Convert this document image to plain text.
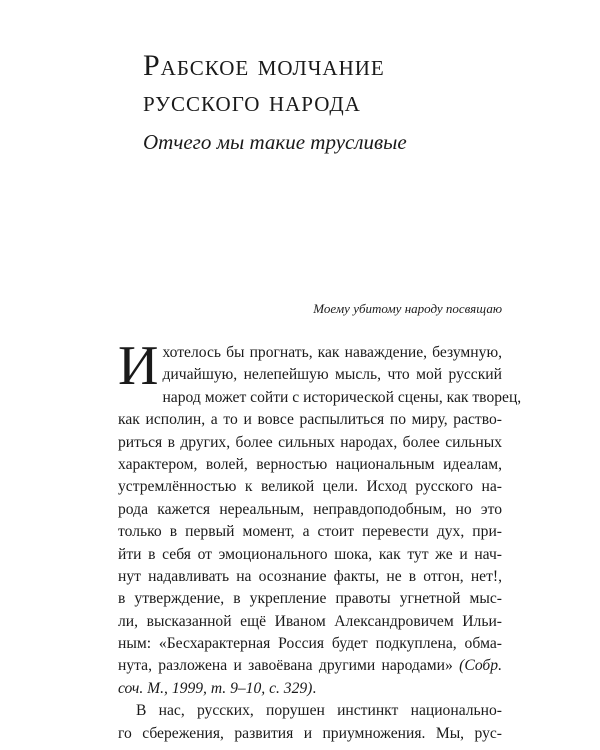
Рабское молчание
русского народа
Отчего мы такие трусливые
Моему убитому народу посвящаю
И хотелось бы прогнать, как наваждение, безумную,
дичайшую, нелепейшую мысль, что мой русский
народ может сойти с исторической сцены, как творец,
как исполин, а то и вовсе распылиться по миру, раство-
риться в других, более сильных народах, более сильных
характером, волей, верностью национальным идеалам,
устремлённостью к великой цели. Исход русского на-
рода кажется нереальным, неправдоподобным, но это
только в первый момент, а стоит перевести дух, при-
йти в себя от эмоционального шока, как тут же и нач-
нут надавливать на осознание факты, не в отгон, нет!,
в утверждение, в укрепление правоты угнетной мыс-
ли, высказанной ещё Иваном Александровичем Ильи-
ным: «Бесхарактерная Россия будет подкуплена, обма-
нута, разложена и завоёвана другими народами» (Собр.
соч. М., 1999, т. 9–10, с. 329).
В нас, русских, порушен инстинкт национально-
го сбережения, развития и приумножения. Мы, рус-
